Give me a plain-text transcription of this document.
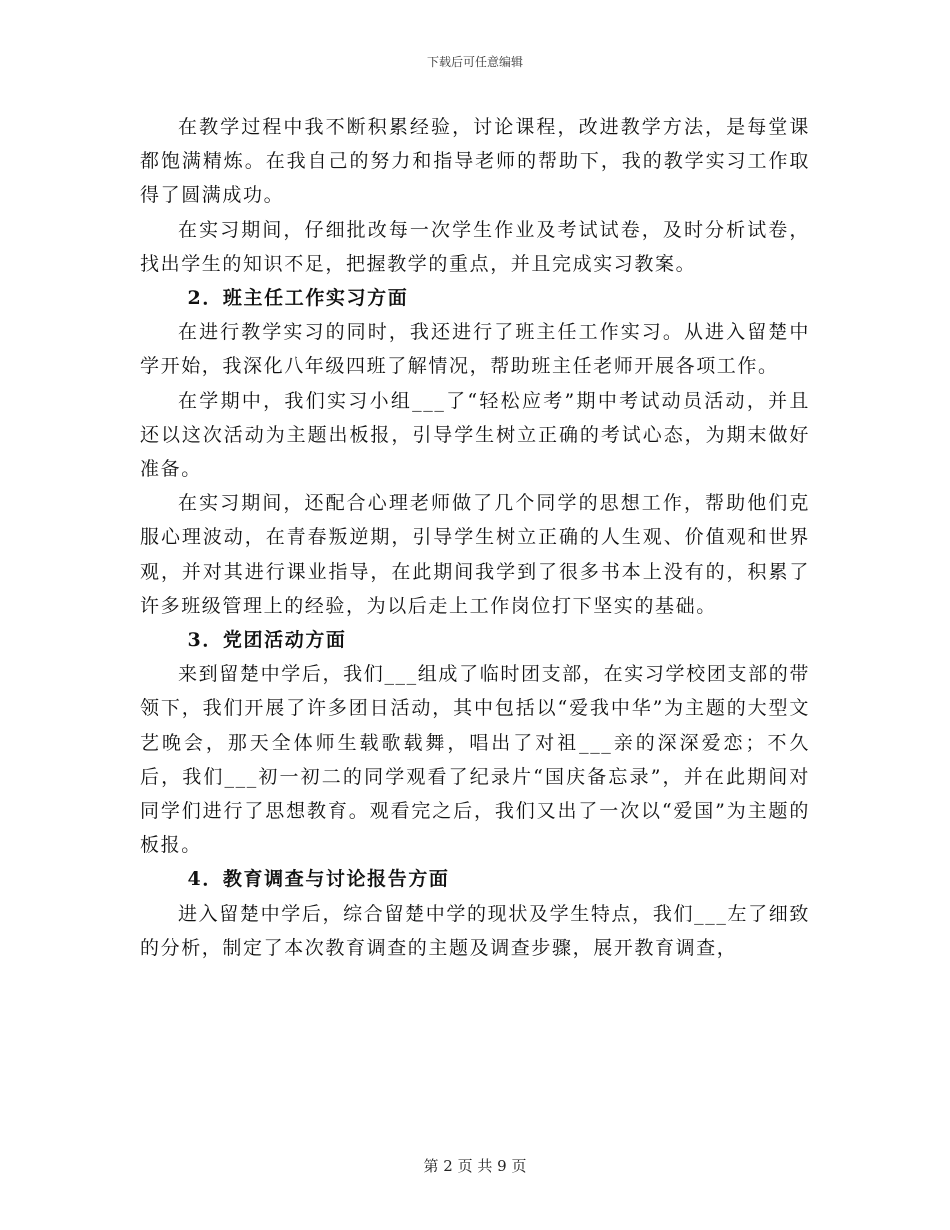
下载后可任意编辑

在教学过程中我不断积累经验，讨论课程，改进教学方法，是每堂课都饱满精炼。在我自己的努力和指导老师的帮助下，我的教学实习工作取得了圆满成功。

在实习期间，仔细批改每一次学生作业及考试试卷，及时分析试卷，找出学生的知识不足，把握教学的重点，并且完成实习教案。

2．班主任工作实习方面

在进行教学实习的同时，我还进行了班主任工作实习。从进入留楚中学开始，我深化八年级四班了解情况，帮助班主任老师开展各项工作。

在学期中，我们实习小组___了“轻松应考”期中考试动员活动，并且还以这次活动为主题出板报，引导学生树立正确的考试心态，为期末做好准备。

在实习期间，还配合心理老师做了几个同学的思想工作，帮助他们克服心理波动，在青春叛逆期，引导学生树立正确的人生观、价值观和世界观，并对其进行课业指导，在此期间我学到了很多书本上没有的，积累了许多班级管理上的经验，为以后走上工作岗位打下坚实的基础。

3．党团活动方面

来到留楚中学后，我们___组成了临时团支部，在实习学校团支部的带领下，我们开展了许多团日活动，其中包括以“爱我中华”为主题的大型文艺晚会，那天全体师生载歌载舞，唱出了对祖___亲的深深爱恋；不久后，我们___初一初二的同学观看了纪录片“国庆备忘录”，并在此期间对同学们进行了思想教育。观看完之后，我们又出了一次以“爱国”为主题的板报。

4．教育调查与讨论报告方面

进入留楚中学后，综合留楚中学的现状及学生特点，我们___左了细致的分析，制定了本次教育调查的主题及调查步骤，展开教育调查，

第 2 页 共 9 页
